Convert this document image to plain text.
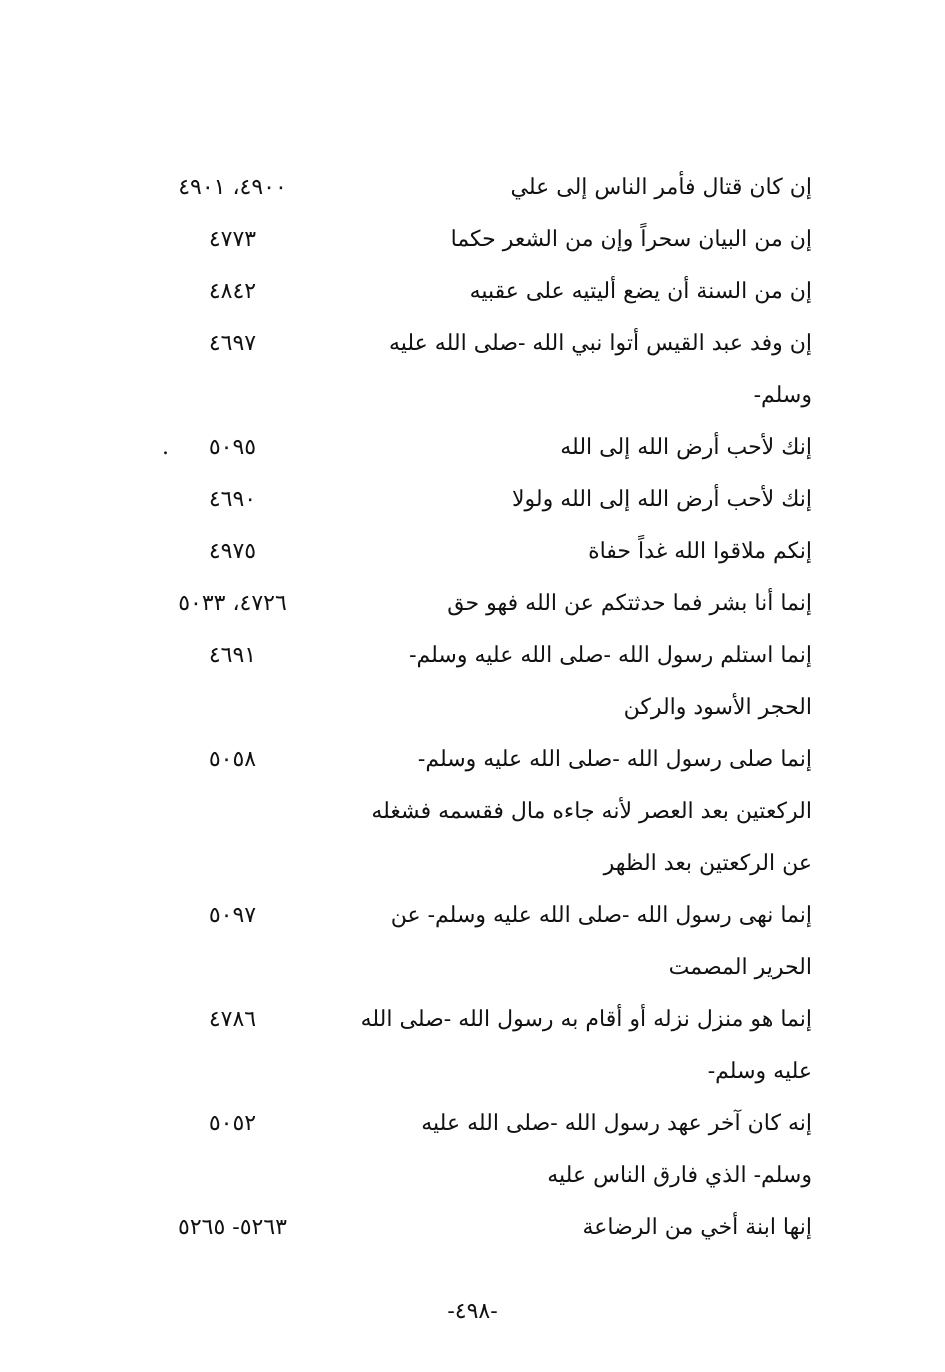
إن كان قتال فأمر الناس إلى علي
٤٩٠٠، ٤٩٠١
إن من البيان سحراً وإن من الشعر حكما
٤٧٧٣
إن من السنة أن يضع أليتيه على عقبيه
٤٨٤٢
إن وفد عبد القيس أتوا نبي الله -صلى الله عليه
٤٦٩٧
وسلم-
إنك لأحب أرض الله إلى الله
٥٠٩٥
.
إنك لأحب أرض الله إلى الله ولولا
٤٦٩٠
إنكم ملاقوا الله غداً حفاة
٤٩٧٥
إنما أنا بشر فما حدثتكم عن الله فهو حق
٤٧٢٦، ٥٠٣٣
إنما استلم رسول الله -صلى الله عليه وسلم-
٤٦٩١
الحجر الأسود والركن
إنما صلى رسول الله -صلى الله عليه وسلم-
٥٠٥٨
الركعتين بعد العصر لأنه جاءه مال فقسمه فشغله
عن الركعتين بعد الظهر
إنما نهى رسول الله -صلى الله عليه وسلم- عن
٥٠٩٧
الحرير المصمت
إنما هو منزل نزله أو أقام به رسول الله -صلى الله
٤٧٨٦
عليه وسلم-
إنه كان آخر عهد رسول الله -صلى الله عليه
٥٠٥٢
وسلم- الذي فارق الناس عليه
إنها ابنة أخي من الرضاعة
٥٢٦٣- ٥٢٦٥
-٤٩٨-
